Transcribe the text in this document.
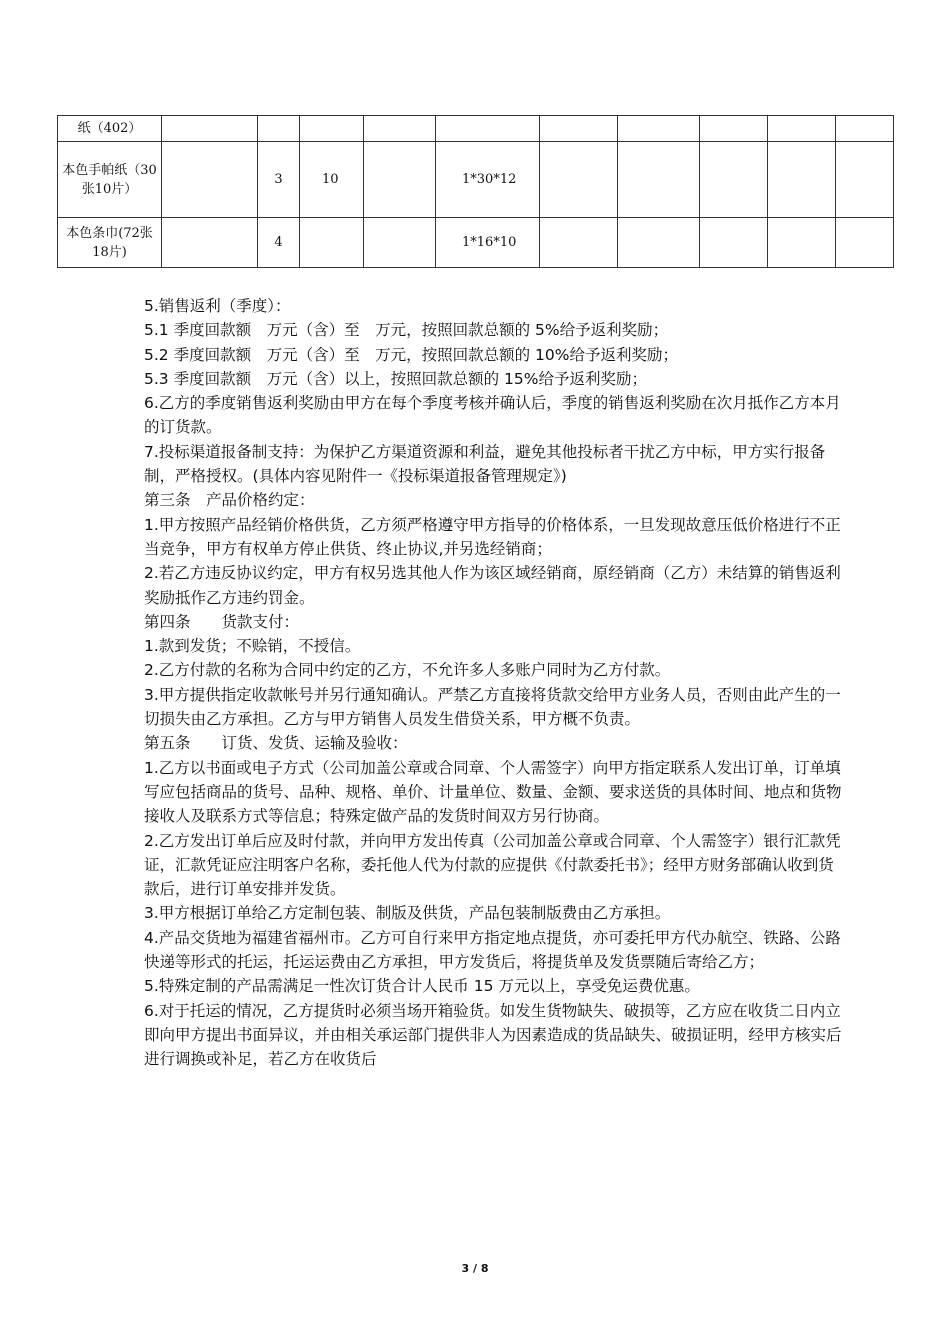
纸（402）										
本色手帕纸（30张10片）		3	10		1*30*12					
本色条巾(72张18片)		4			1*16*10					

5.销售返利（季度）：

5.1 季度回款额　万元（含）至　万元，按照回款总额的 5%给予返利奖励；

5.2 季度回款额　万元（含）至　万元，按照回款总额的 10%给予返利奖励；

5.3 季度回款额　万元（含）以上，按照回款总额的 15%给予返利奖励；

6.乙方的季度销售返利奖励由甲方在每个季度考核并确认后，季度的销售返利奖励在次月抵作乙方本月的订货款。

7.投标渠道报备制支持：为保护乙方渠道资源和利益，避免其他投标者干扰乙方中标，甲方实行报备制，严格授权。(具体内容见附件一《投标渠道报备管理规定》)

第三条　产品价格约定：

1.甲方按照产品经销价格供货，乙方须严格遵守甲方指导的价格体系，一旦发现故意压低价格进行不正当竞争，甲方有权单方停止供货、终止协议,并另选经销商；

2.若乙方违反协议约定，甲方有权另选其他人作为该区域经销商，原经销商（乙方）未结算的销售返利奖励抵作乙方违约罚金。

第四条　　货款支付：

1.款到发货；不赊销，不授信。

2.乙方付款的名称为合同中约定的乙方，不允许多人多账户同时为乙方付款。

3.甲方提供指定收款帐号并另行通知确认。严禁乙方直接将货款交给甲方业务人员，否则由此产生的一切损失由乙方承担。乙方与甲方销售人员发生借贷关系，甲方概不负责。

第五条　　订货、发货、运输及验收：

1.乙方以书面或电子方式（公司加盖公章或合同章、个人需签字）向甲方指定联系人发出订单，订单填写应包括商品的货号、品种、规格、单价、计量单位、数量、金额、要求送货的具体时间、地点和货物接收人及联系方式等信息；特殊定做产品的发货时间双方另行协商。

2.乙方发出订单后应及时付款，并向甲方发出传真（公司加盖公章或合同章、个人需签字）银行汇款凭证，汇款凭证应注明客户名称，委托他人代为付款的应提供《付款委托书》；经甲方财务部确认收到货款后，进行订单安排并发货。

3.甲方根据订单给乙方定制包装、制版及供货，产品包装制版费由乙方承担。

4.产品交货地为福建省福州市。乙方可自行来甲方指定地点提货，亦可委托甲方代办航空、铁路、公路快递等形式的托运，托运运费由乙方承担，甲方发货后，将提货单及发货票随后寄给乙方；

5.特殊定制的产品需满足一性次订货合计人民币 15 万元以上，享受免运费优惠。

6.对于托运的情况，乙方提货时必须当场开箱验货。如发生货物缺失、破损等，乙方应在收货二日内立即向甲方提出书面异议，并由相关承运部门提供非人为因素造成的货品缺失、破损证明，经甲方核实后进行调换或补足，若乙方在收货后

3 / 8
